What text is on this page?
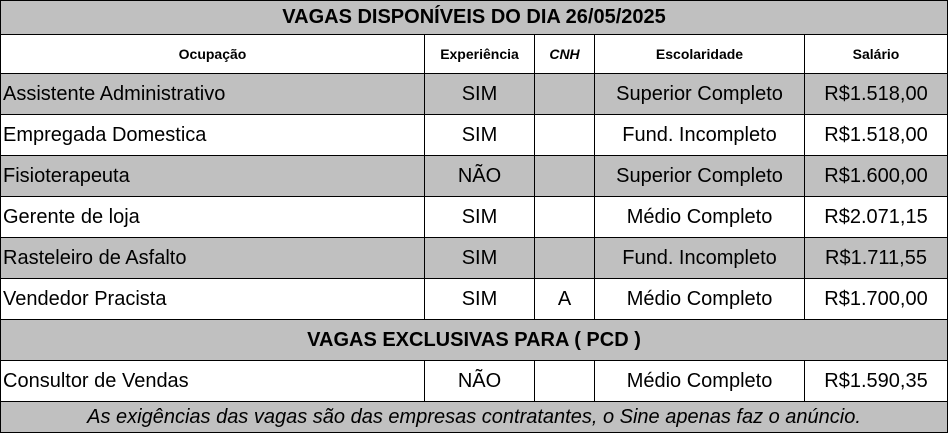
VAGAS DISPONÍVEIS DO DIA 26/05/2025				
Ocupação	Experiência	CNH	Escolaridade	Salário
Assistente Administrativo	SIM		Superior Completo	R$1.518,00
Empregada Domestica	SIM		Fund. Incompleto	R$1.518,00
Fisioterapeuta	NÃO		Superior Completo	R$1.600,00
Gerente de loja	SIM		Médio Completo	R$2.071,15
Rasteleiro de Asfalto	SIM		Fund. Incompleto	R$1.711,55
Vendedor Pracista	SIM	A	Médio Completo	R$1.700,00
VAGAS EXCLUSIVAS PARA ( PCD )				
Consultor de Vendas	NÃO		Médio Completo	R$1.590,35
As exigências das vagas são das empresas contratantes, o Sine apenas faz o anúncio.				
